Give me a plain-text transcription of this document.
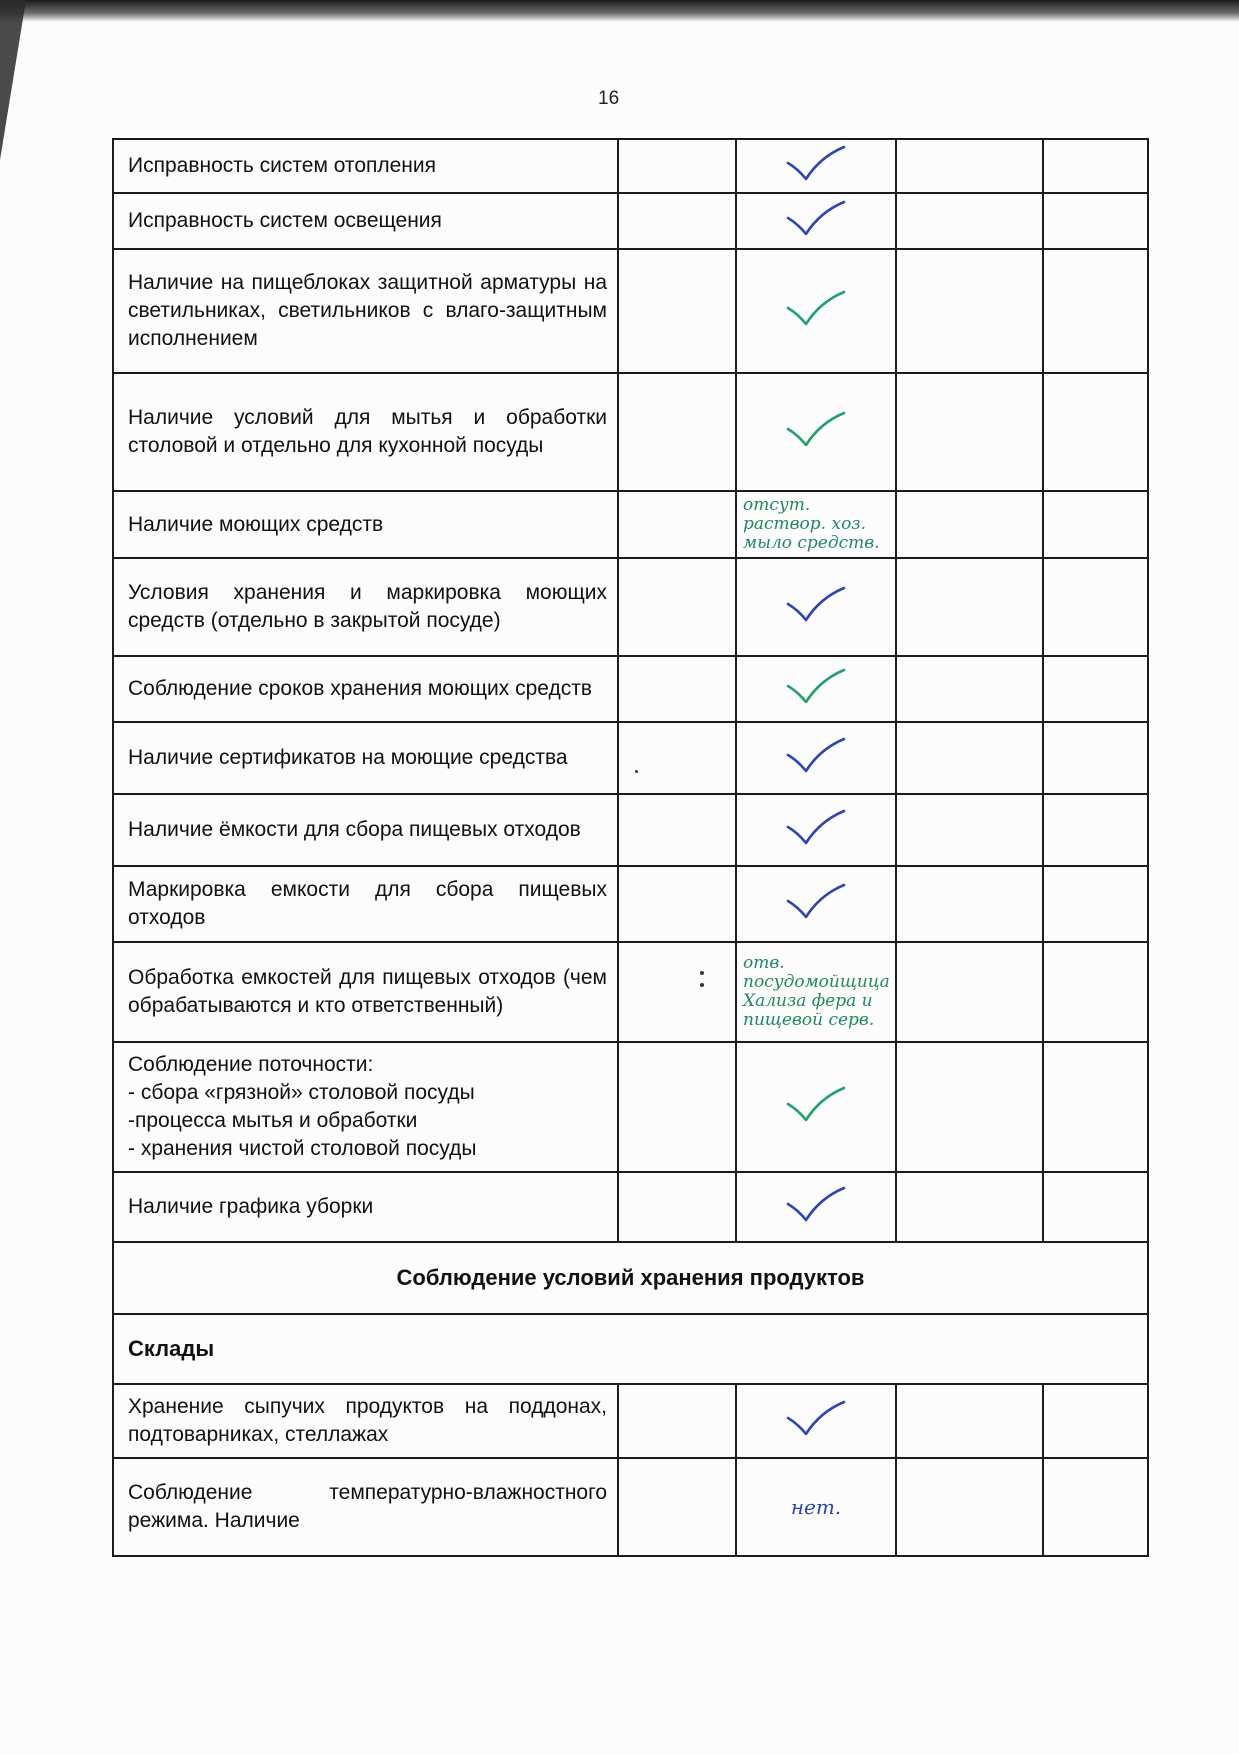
16
Исправность систем отопления				
Исправность систем освещения				
Наличие на пищеблоках защитной арматуры на светильниках, светильников с влаго-защитным исполнением				
Наличие условий для мытья и обработки столовой и отдельно для кухонной посуды				
Наличие моющих средств		отсут. раствор. хоз. мыло средств.		

Условия хранения и маркировка моющих средств (отдельно в закрытой посуде)				
Соблюдение сроков хранения моющих средств				
Наличие сертификатов на моющие средства				
Наличие ёмкости для сбора пищевых отходов				
Маркировка емкости для сбора пищевых отходов				
Обработка емкостей для пищевых отходов (чем обрабатываются и кто ответственный)		отв. посудомойщица Хализа фера и пищевой серв.		

Соблюдение поточности:
- сбора «грязной» столовой посуды
-процесса мытья и обработки
- хранения чистой столовой посуды

Наличие графика уборки				
Соблюдение условий хранения продуктов				
Склады				
Хранение сыпучих продуктов на поддонах, подтоварниках, стеллажах				
Соблюдение температурно-влажностного режима. Наличие		нет.		
